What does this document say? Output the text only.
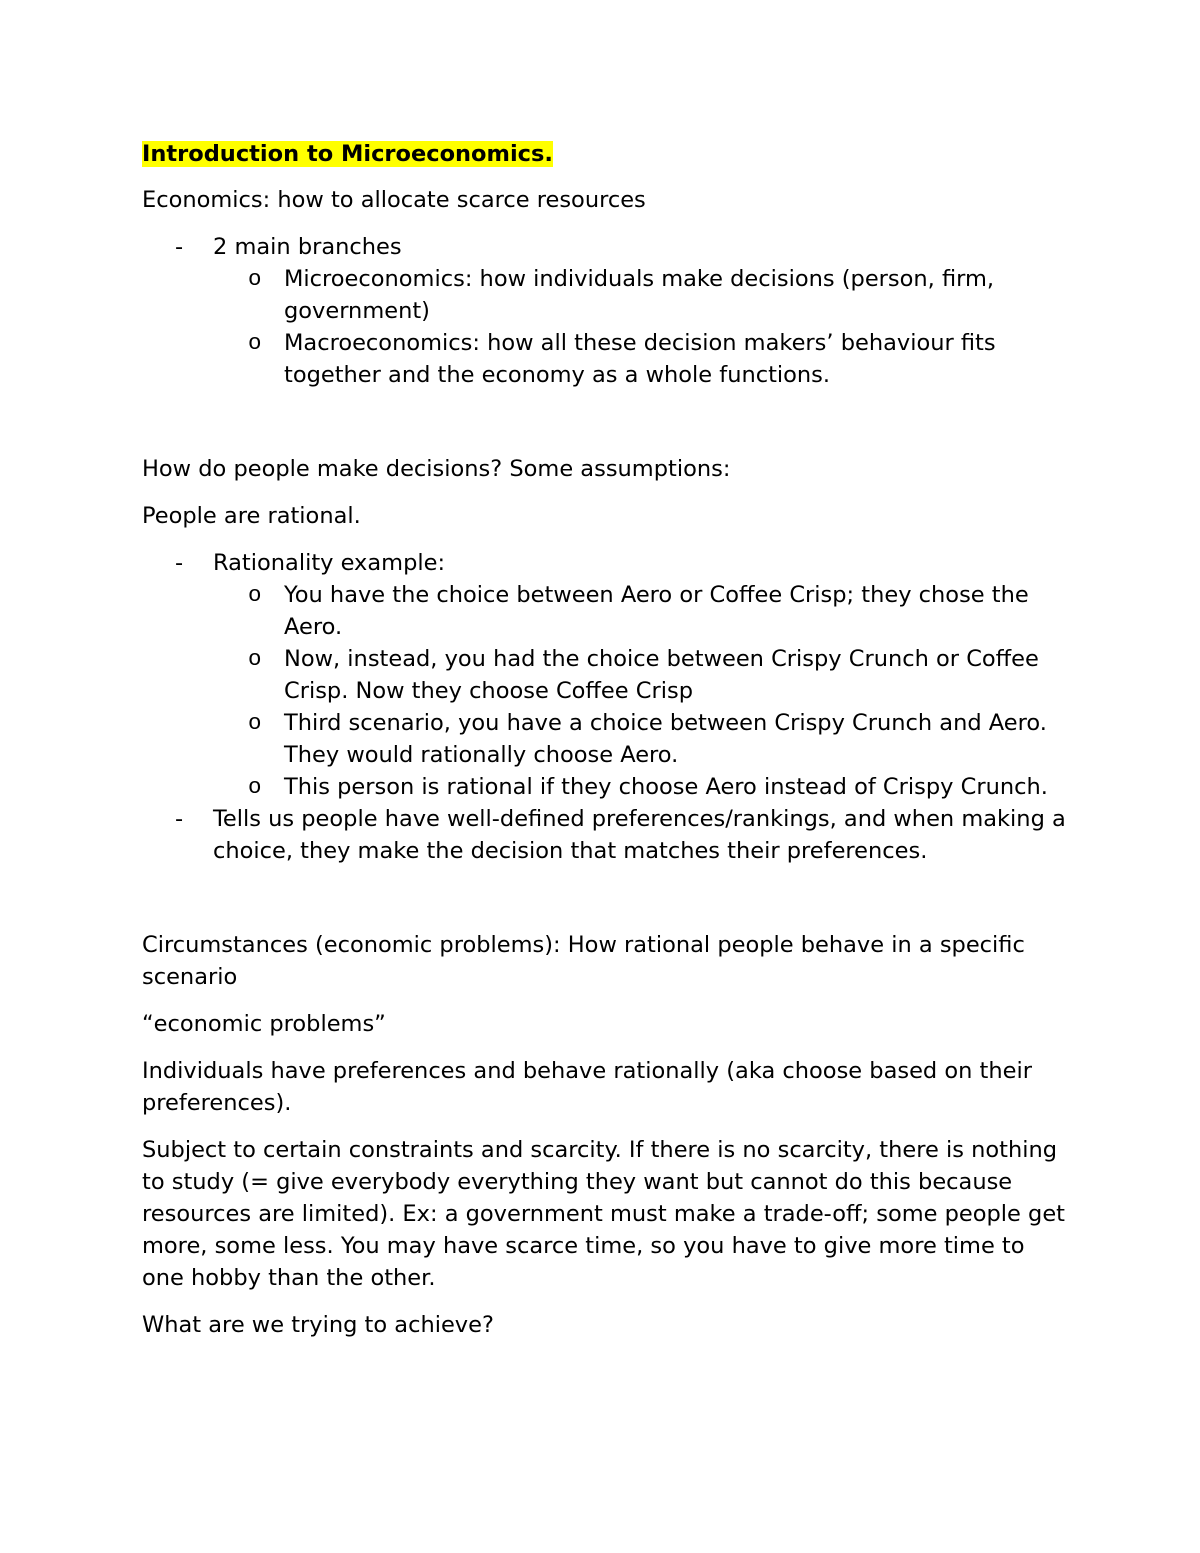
Introduction to Microeconomics.

Economics: how to allocate scarce resources

- 2 main branches
o Microeconomics: how individuals make decisions (person, firm, government)
o Macroeconomics: how all these decision makers’ behaviour fits together and the economy as a whole functions.

How do people make decisions? Some assumptions:

People are rational.

- Rationality example:
o You have the choice between Aero or Coffee Crisp; they chose the Aero.
o Now, instead, you had the choice between Crispy Crunch or Coffee Crisp. Now they choose Coffee Crisp
o Third scenario, you have a choice between Crispy Crunch and Aero. They would rationally choose Aero.
o This person is rational if they choose Aero instead of Crispy Crunch.
- Tells us people have well-defined preferences/rankings, and when making a choice, they make the decision that matches their preferences.

Circumstances (economic problems): How rational people behave in a specific scenario

“economic problems”

Individuals have preferences and behave rationally (aka choose based on their preferences).

Subject to certain constraints and scarcity. If there is no scarcity, there is nothing to study (= give everybody everything they want but cannot do this because resources are limited). Ex: a government must make a trade-off; some people get more, some less. You may have scarce time, so you have to give more time to one hobby than the other.

What are we trying to achieve?
